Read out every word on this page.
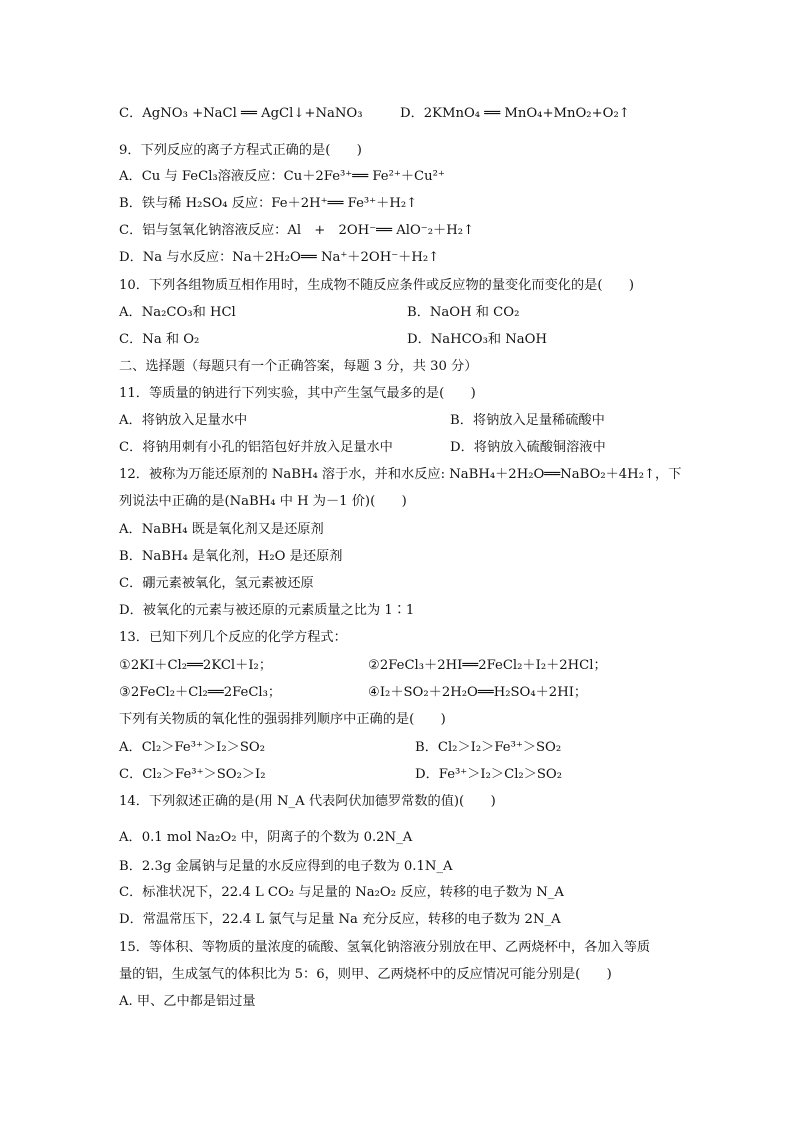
C．AgNO₃ +NaCl ══ AgCl↓+NaNO₃	D．2KMnO₄ ══ MnO₄+MnO₂+O₂↑
9．下列反应的离子方程式正确的是(　　)
A．Cu 与 FeCl₃溶液反应：Cu＋2Fe³⁺══ Fe²⁺＋Cu²⁺
B．铁与稀 H₂SO₄ 反应：Fe＋2H⁺══ Fe³⁺＋H₂↑
C．铝与氢氧化钠溶液反应：Al　+　2OH⁻══ AlO⁻₂＋H₂↑
D．Na 与水反应：Na＋2H₂O══ Na⁺＋2OH⁻＋H₂↑
10．下列各组物质互相作用时，生成物不随反应条件或反应物的量变化而变化的是(　　)
A．Na₂CO₃和 HCl	B．NaOH 和 CO₂
C．Na 和 O₂	D．NaHCO₃和 NaOH
二、选择题（每题只有一个正确答案，每题 3 分，共 30 分）
11．等质量的钠进行下列实验，其中产生氢气最多的是(　　)
A．将钠放入足量水中	B．将钠放入足量稀硫酸中
C．将钠用刺有小孔的铝箔包好并放入足量水中	D．将钠放入硫酸铜溶液中
12．被称为万能还原剂的 NaBH₄ 溶于水，并和水反应: NaBH₄＋2H₂O══NaBO₂＋4H₂↑，下
列说法中正确的是(NaBH₄ 中 H 为－1 价)(　　)
A．NaBH₄ 既是氧化剂又是还原剂
B．NaBH₄ 是氧化剂，H₂O 是还原剂
C．硼元素被氧化，氢元素被还原
D．被氧化的元素与被还原的元素质量之比为 1∶1
13．已知下列几个反应的化学方程式：
①2KI＋Cl₂══2KCl＋I₂；	②2FeCl₃＋2HI══2FeCl₂＋I₂＋2HCl；
③2FeCl₂＋Cl₂══2FeCl₃；	④I₂＋SO₂＋2H₂O══H₂SO₄＋2HI；
下列有关物质的氧化性的强弱排列顺序中正确的是(　　)
A．Cl₂＞Fe³⁺＞I₂＞SO₂	B．Cl₂＞I₂＞Fe³⁺＞SO₂
C．Cl₂＞Fe³⁺＞SO₂＞I₂	D．Fe³⁺＞I₂＞Cl₂＞SO₂
14．下列叙述正确的是(用 N_A 代表阿伏加德罗常数的值)(　　)
A．0.1 mol Na₂O₂ 中，阴离子的个数为 0.2N_A
B．2.3g 金属钠与足量的水反应得到的电子数为 0.1N_A
C．标准状况下，22.4 L CO₂ 与足量的 Na₂O₂ 反应，转移的电子数为 N_A
D．常温常压下，22.4 L 氯气与足量 Na 充分反应，转移的电子数为 2N_A
15．等体积、等物质的量浓度的硫酸、氢氧化钠溶液分别放在甲、乙两烧杯中，各加入等质
量的铝，生成氢气的体积比为 5：6，则甲、乙两烧杯中的反应情况可能分别是(　　)
A. 甲、乙中都是铝过量
